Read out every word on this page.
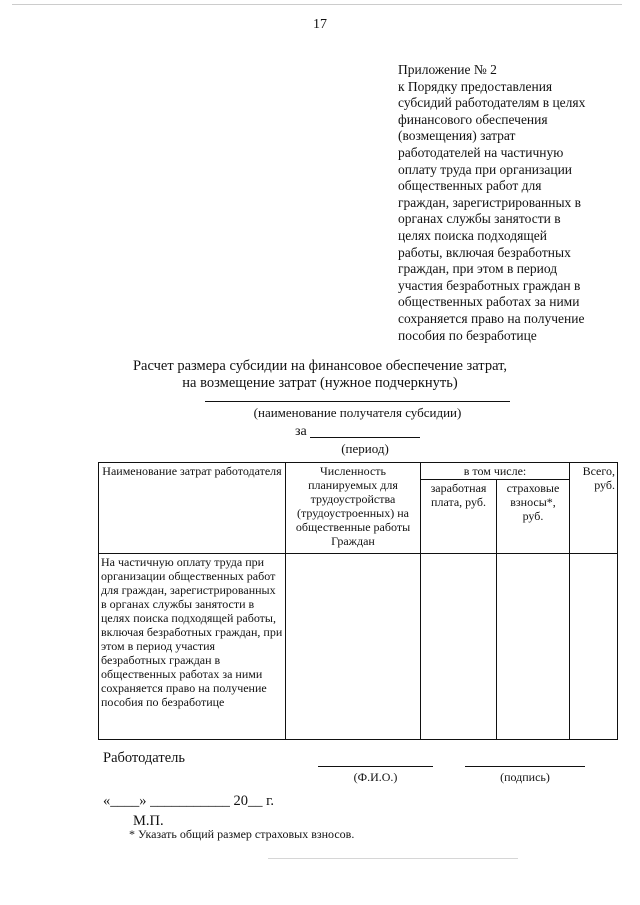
17
Приложение № 2
к Порядку предоставления
субсидий работодателям в целях
финансового обеспечения
(возмещения) затрат
работодателей на частичную
оплату труда при организации
общественных работ для
граждан, зарегистрированных в
органах службы занятости в
целях поиска подходящей
работы, включая безработных
граждан, при этом в период
участия безработных граждан в
общественных работах за ними
сохраняется право на получение
пособия по безработице
Расчет размера субсидии на финансовое обеспечение затрат,
на возмещение затрат (нужное подчеркнуть)
(наименование получателя субсидии)
за
(период)
Наименование затрат работодателя	Численность планируемых для трудоустройства (трудоустроенных) на общественные работы Граждан	в том числе:		Всего, руб.
		заработная плата, руб.	страховые взносы*, руб.	
На частичную оплату труда при организации общественных работ для граждан, зарегистрированных в органах службы занятости в целях поиска подходящей работы, включая безработных граждан, при этом в период участия безработных граждан в общественных работах за ними сохраняется право на получение пособия по безработице				
Работодатель
(Ф.И.О.)	(подпись)
«____» ___________ 20__ г.
М.П.
* Указать общий размер страховых взносов.
